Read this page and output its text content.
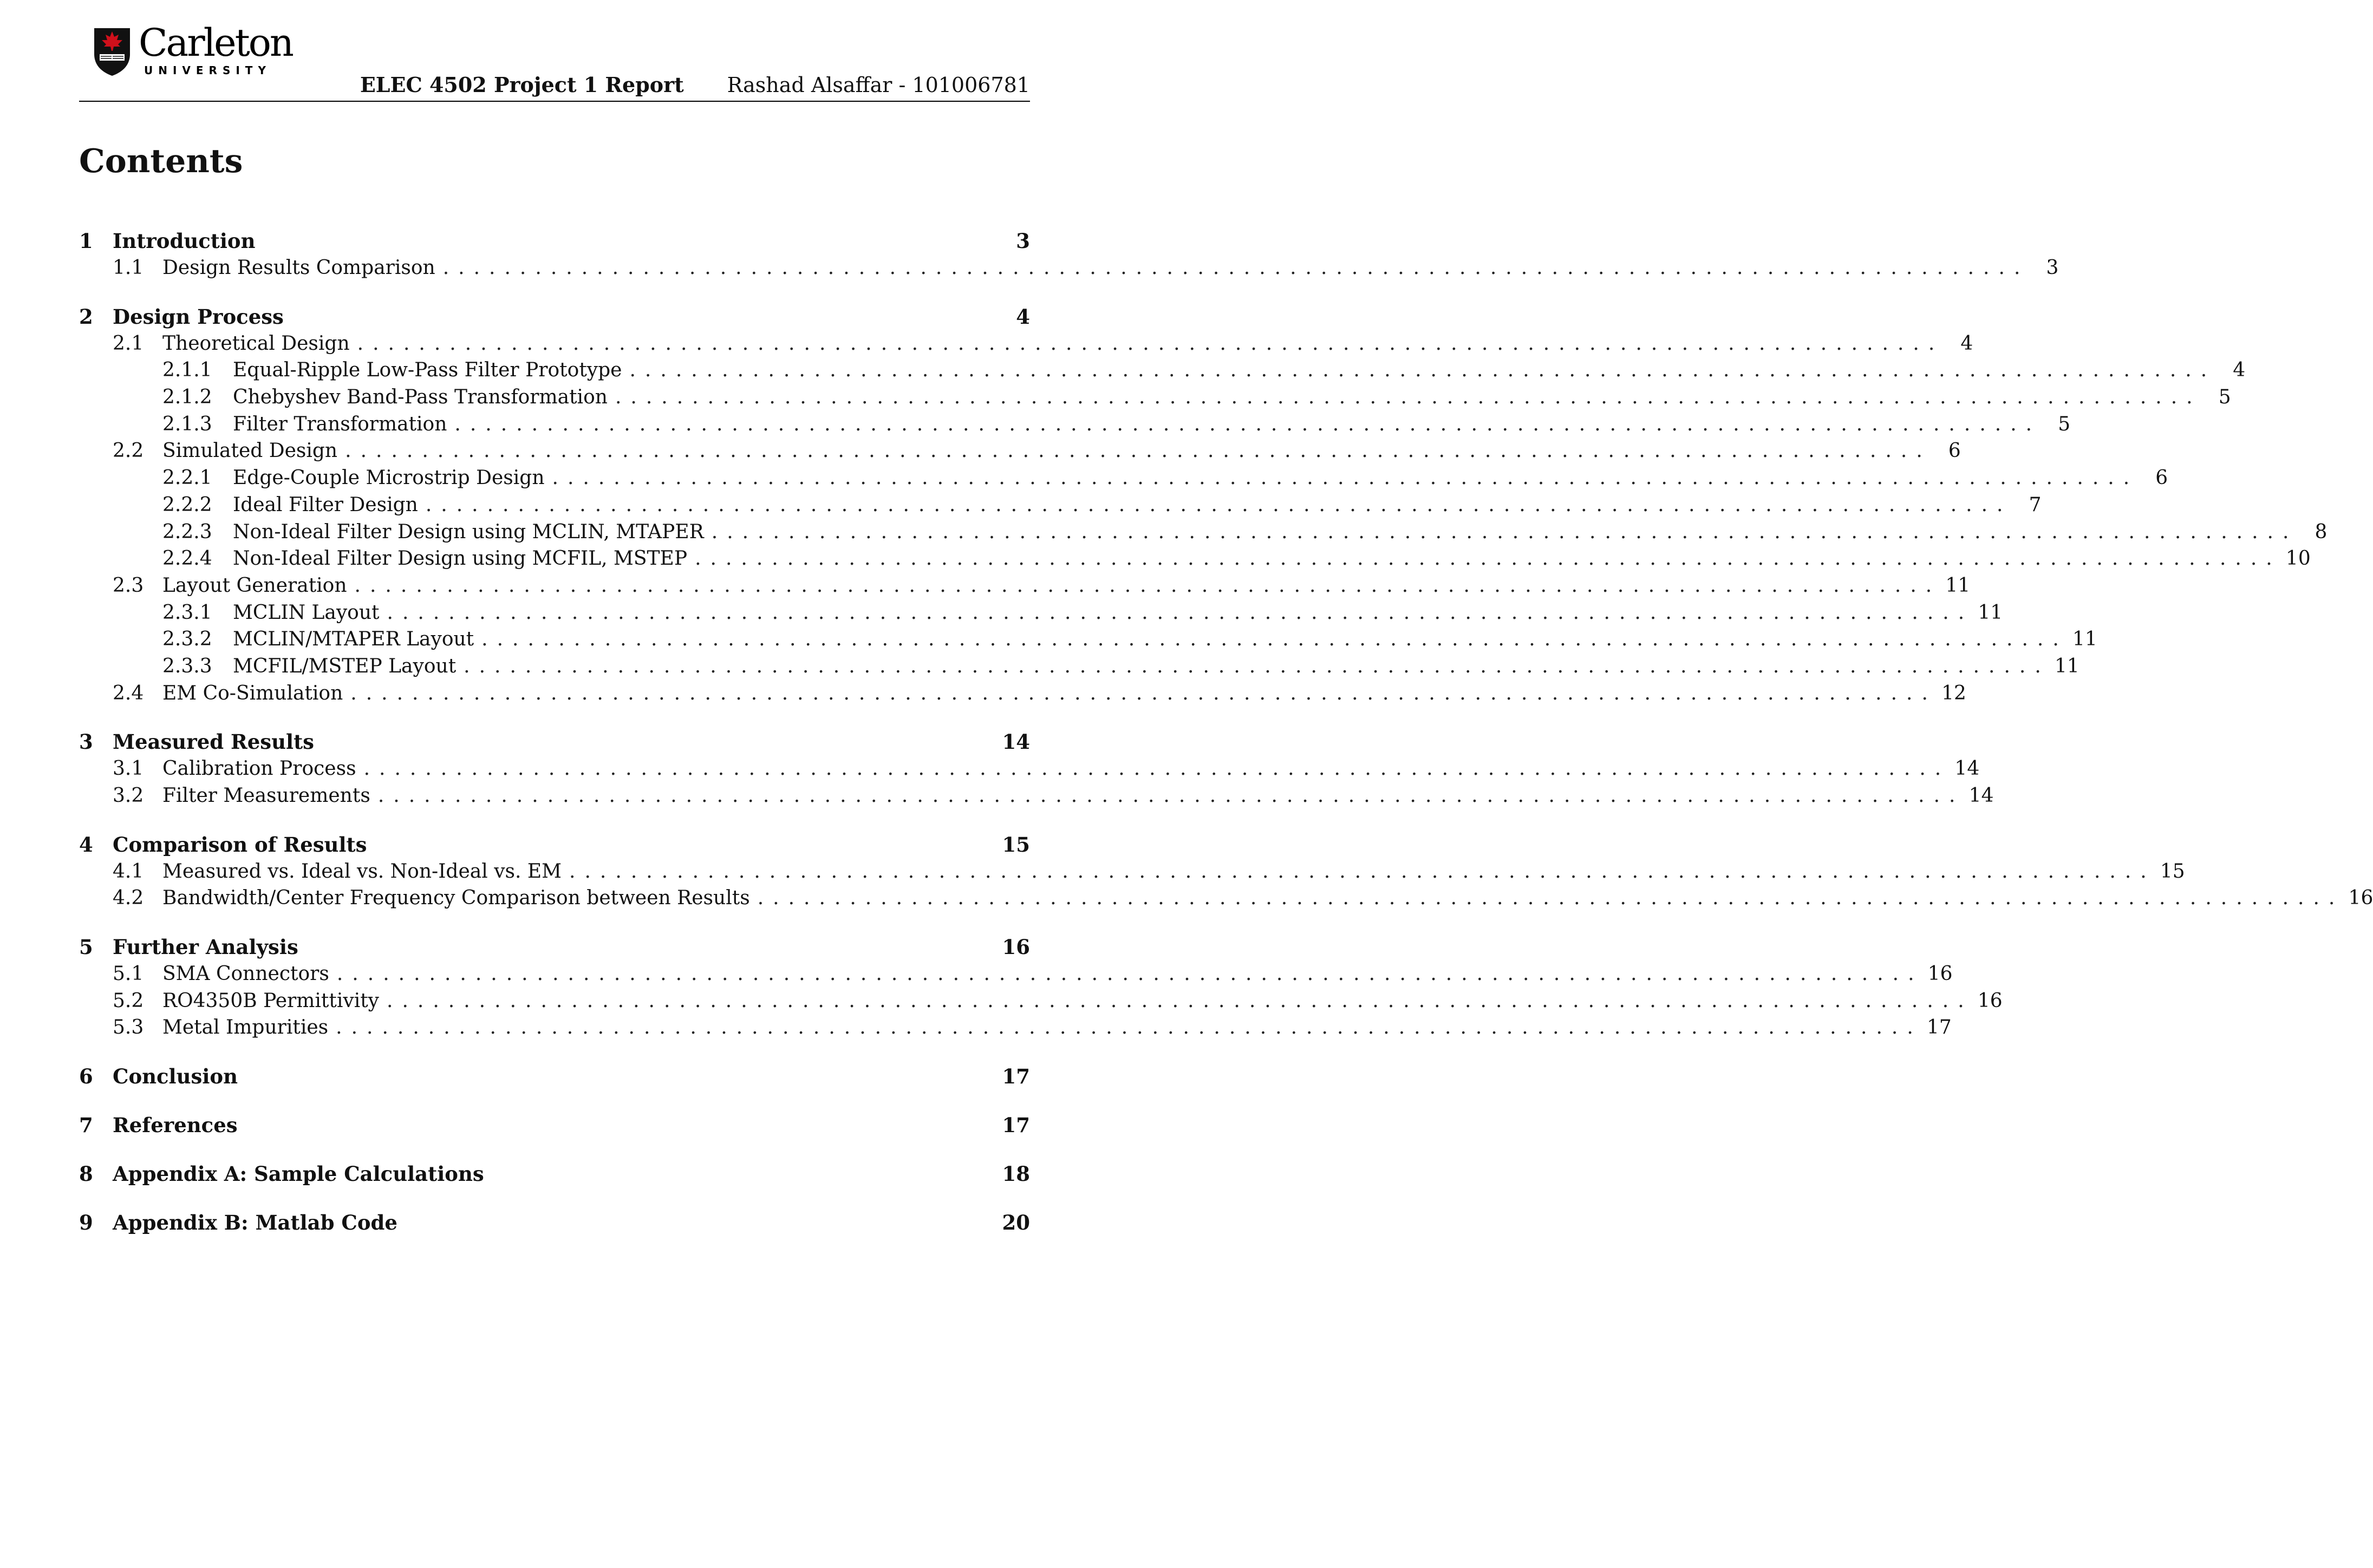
Carleton
UNIVERSITY
ELEC 4502 Project 1 Report Rashad Alsaffar - 101006781
Contents
1 Introduction	3
1.1 Design Results Comparison ....................................................................................................... 3
2 Design Process	4
2.1 Theoretical Design ....................................................................................................... 4
2.1.1	Equal-Ripple Low-Pass Filter Prototype ....................................................................................................... 4
2.1.2	Chebyshev Band-Pass Transformation ....................................................................................................... 5
2.1.3	Filter Transformation ....................................................................................................... 5
2.2 Simulated Design ....................................................................................................... 6
2.2.1	Edge-Couple Microstrip Design ....................................................................................................... 6
2.2.2	Ideal Filter Design ....................................................................................................... 7
2.2.3	Non-Ideal Filter Design using MCLIN, MTAPER ....................................................................................................... 8
2.2.4	Non-Ideal Filter Design using MCFIL, MSTEP ....................................................................................................... 10
2.3 Layout Generation ....................................................................................................... 11
2.3.1	MCLIN Layout ....................................................................................................... 11
2.3.2	MCLIN/MTAPER Layout ....................................................................................................... 11
2.3.3	MCFIL/MSTEP Layout ....................................................................................................... 11
2.4 EM Co-Simulation ....................................................................................................... 12
3 Measured Results	14
3.1 Calibration Process ....................................................................................................... 14
3.2 Filter Measurements ....................................................................................................... 14
4 Comparison of Results	15
4.1 Measured vs. Ideal vs. Non-Ideal vs. EM ....................................................................................................... 15
4.2 Bandwidth/Center Frequency Comparison between Results ....................................................................................................... 16
5 Further Analysis	16
5.1 SMA Connectors ....................................................................................................... 16
5.2 RO4350B Permittivity ....................................................................................................... 16
5.3 Metal Impurities ....................................................................................................... 17
6 Conclusion	17
7 References	17
8 Appendix A: Sample Calculations	18
9 Appendix B: Matlab Code	20
